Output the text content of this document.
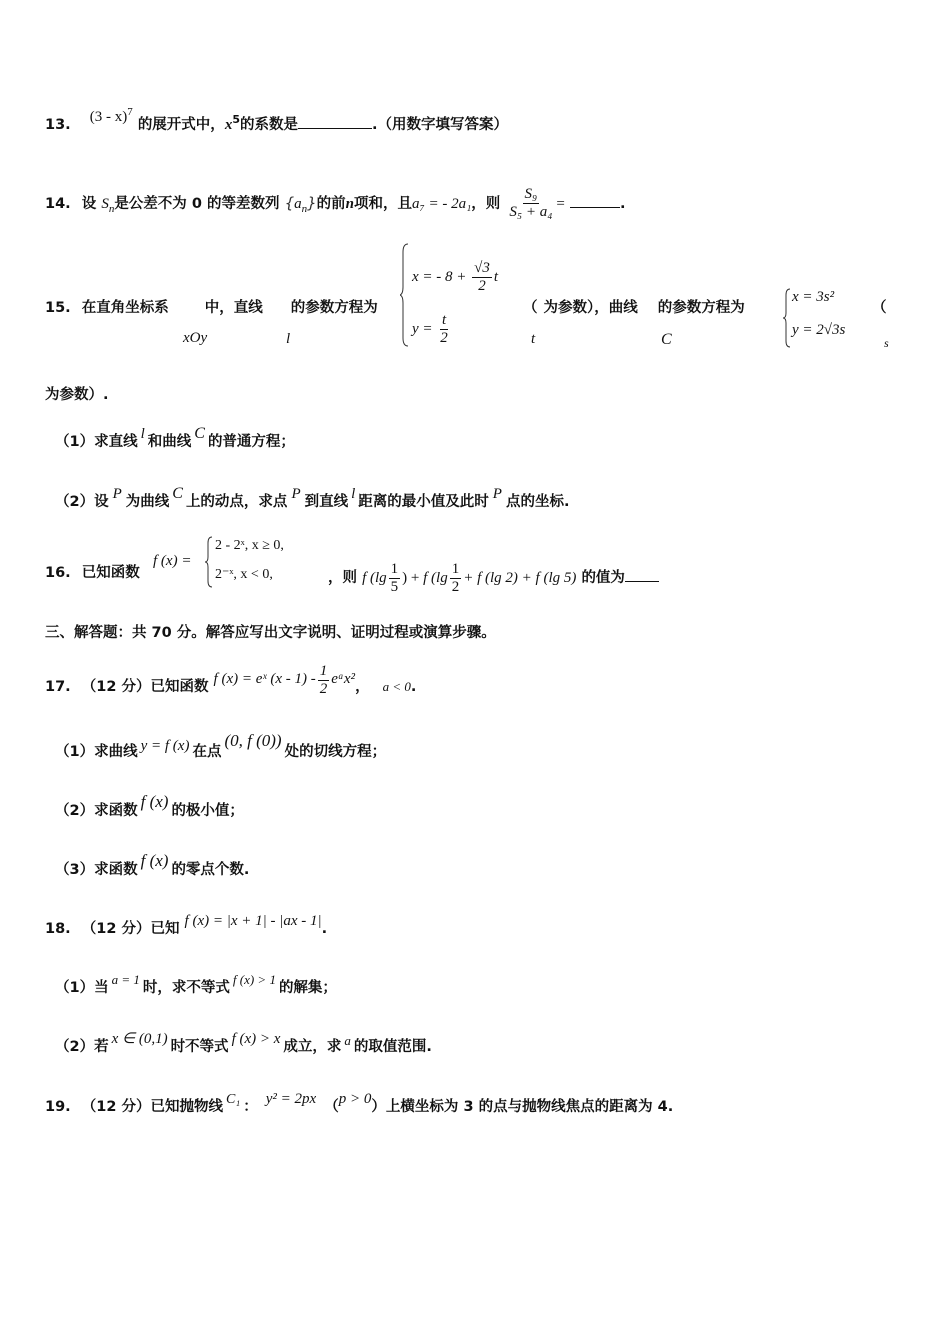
13. (3 - x)$^7$ 的展开式中，$x^5$的系数是	.（用数字填写答案）
14. 设 $S_n$是公差不为 0 的等差数列 $\{a_n\}$的前n项和，且a₇ = - 2a₁，则 $\frac{\text{S₉}}{\text{S₅ + a₄}}$ =	.
15. 在直角坐标系 中，直线 的参数方程为
xOy	l
x = - $8 + \frac{√3}{2}$ t
$y = \frac{t}{2}$
（ 为参数），曲线 的参数方程为
t	C
x = 3s²
y = 2√3s
（
s
为参数）.
（1）求直线 l 和曲线 C 的普通方程；
（2）设 P 为曲线 C 上的动点，求点 P 到直线 l 距离的最小值及此时 P 点的坐标.
16. 已知函数
f (x) =
2 - 2ˣ, x ≥ 0,
2⁻ˣ, x < 0,	，则 f ($\lg \frac{1}{5}$ ) + f ($\lg \frac{1}{2} + f$ (lg 2) + f (lg 5) 的值为
三、解答题：共 70 分。解答应写出文字说明、证明过程或演算步骤。
17. （12 分）已知函数 f (x) = eˣ $(x - 1) - \frac{1}{2}$ eᵃx²， a < 0.
（1）求曲线 y = f (x) 在点(0, f (0))处的切线方程；
（2）求函数 f (x) 的极小值；
（3）求函数 f (x) 的零点个数.
18. （12 分）已知 f (x) = |x + 1| - |ax - 1|.
（1）当a = 1时，求不等式f (x) > 1的解集；
（2）若 x ∈ (0,1) 时不等式 f (x) > x 成立，求 a 的取值范围.
19. （12 分）已知抛物线 C₁ ： y² = 2px （p > 0）上横坐标为 3 的点与抛物线焦点的距离为 4.
